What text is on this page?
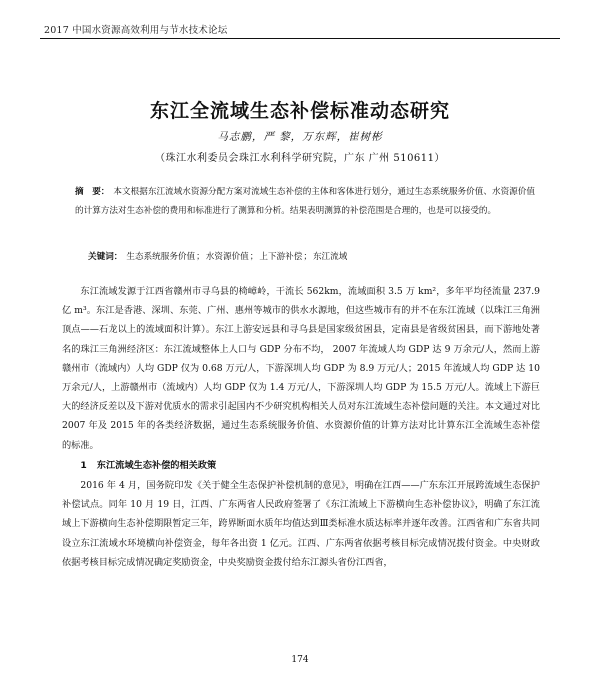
2017 中国水资源高效利用与节水技术论坛
东江全流域生态补偿标准动态研究
马志鹏，严 黎，万东辉，崔树彬
（珠江水利委员会珠江水利科学研究院，广东 广州 510611）
摘　要： 本文根据东江流域水资源分配方案对流域生态补偿的主体和客体进行划分，通过生态系统服务价值、水资源价值的计算方法对生态补偿的费用和标准进行了测算和分析。结果表明测算的补偿范围是合理的，也是可以接受的。
关键词： 生态系统服务价值；水资源价值；上下游补偿；东江流域

东江流域发源于江西省赣州市寻乌县的椅嶂岭，干流长 562km，流域面积 3.5 万 km²，多年平均径流量 237.9 亿 m³。东江是香港、深圳、东莞、广州、惠州等城市的供水水源地，但这些城市有的并不在东江流域（以珠江三角洲顶点——石龙以上的流域面积计算）。东江上游安远县和寻乌县是国家级贫困县，定南县是省级贫困县，而下游地处著名的珠江三角洲经济区：东江流域整体上人口与 GDP 分布不均， 2007 年流域人均 GDP 达 9 万余元/人，然而上游赣州市（流域内）人均 GDP 仅为 0.68 万元/人，下游深圳人均 GDP 为 8.9 万元/人；2015 年流域人均 GDP 达 10 万余元/人，上游赣州市（流域内）人均 GDP 仅为 1.4 万元/人，下游深圳人均 GDP 为 15.5 万元/人。流域上下游巨大的经济反差以及下游对优质水的需求引起国内不少研究机构相关人员对东江流域生态补偿问题的关注。本文通过对比 2007 年及 2015 年的各类经济数据，通过生态系统服务价值、水资源价值的计算方法对比计算东江全流域生态补偿的标准。

1 东江流域生态补偿的相关政策

2016 年 4 月，国务院印发《关于健全生态保护补偿机制的意见》，明确在江西——广东东江开展跨流域生态保护补偿试点。同年 10 月 19 日，江西、广东两省人民政府签署了《东江流域上下游横向生态补偿协议》，明确了东江流域上下游横向生态补偿期限暂定三年，跨界断面水质年均值达到Ⅲ类标准水质达标率并逐年改善。江西省和广东省共同设立东江流域水环境横向补偿资金，每年各出资 1 亿元。江西、广东两省依据考核目标完成情况拨付资金。中央财政依据考核目标完成情况确定奖励资金，中央奖励资金拨付给东江源头省份江西省，

174
